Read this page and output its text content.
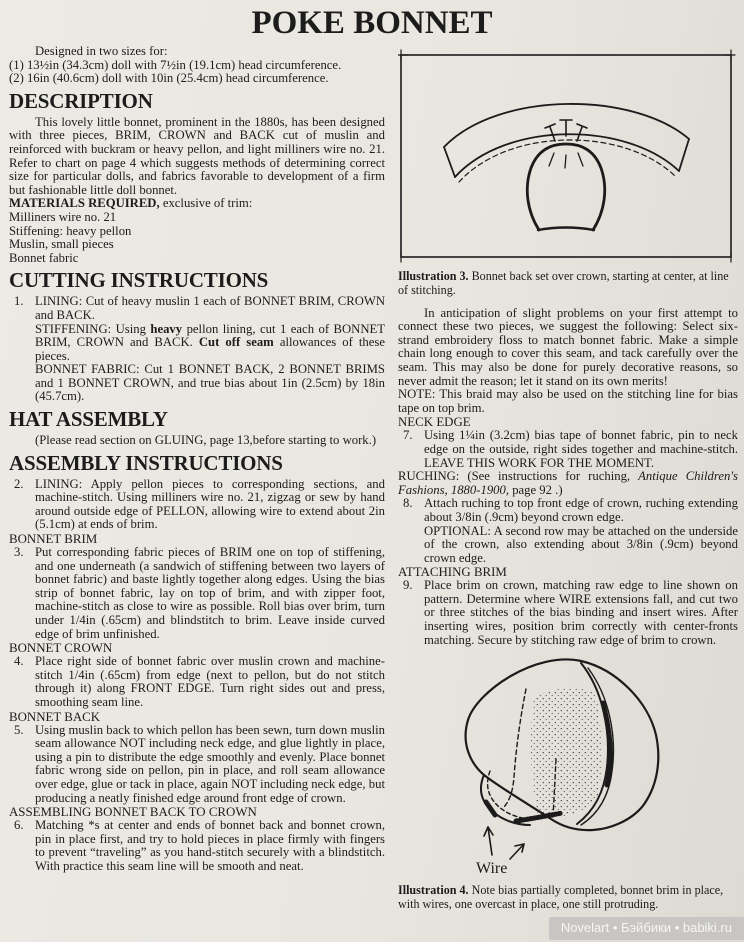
POKE BONNET

Designed in two sizes for:

(1) 13½in (34.3cm) doll with 7½in (19.1cm) head circumference.

(2) 16in (40.6cm) doll with 10in (25.4cm) head circumference.

DESCRIPTION

This lovely little bonnet, prominent in the 1880s, has been designed with three pieces, BRIM, CROWN and BACK cut of muslin and reinforced with buckram or heavy pellon, and light milliners wire no. 21. Refer to chart on page 4 which suggests methods of determining correct size for particular dolls, and fabrics favorable to development of a firm but fashionable little doll bonnet.

MATERIALS REQUIRED, exclusive of trim:

Milliners wire no. 21

Stiffening: heavy pellon

Muslin, small pieces

Bonnet fabric

CUTTING INSTRUCTIONS
1. LINING: Cut of heavy muslin 1 each of BONNET BRIM, CROWN and BACK.

STIFFENING: Using heavy pellon lining, cut 1 each of BONNET BRIM, CROWN and BACK. Cut off seam allowances of these pieces.

BONNET FABRIC: Cut 1 BONNET BACK, 2 BONNET BRIMS and 1 BONNET CROWN, and true bias about 1in (2.5cm) by 18in (45.7cm).

HAT ASSEMBLY

(Please read section on GLUING, page 13,before starting to work.)

ASSEMBLY INSTRUCTIONS
2. LINING: Apply pellon pieces to corresponding sections, and machine-stitch. Using milliners wire no. 21, zigzag or sew by hand around outside edge of PELLON, allowing wire to extend about 2in (5.1cm) at ends of brim.

BONNET BRIM

3. Put corresponding fabric pieces of BRIM one on top of stiffening, and one underneath (a sandwich of stiffening between two layers of bonnet fabric) and baste lightly together along edges. Using the bias strip of bonnet fabric, lay on top of brim, and with zipper foot, machine-stitch as close to wire as possible. Roll bias over brim, turn under 1/4in (.65cm) and blindstitch to brim. Leave inside curved edge of brim unfinished.

BONNET CROWN

4. Place right side of bonnet fabric over muslin crown and machine-stitch 1/4in (.65cm) from edge (next to pellon, but do not stitch through it) along FRONT EDGE. Turn right sides out and press, smoothing seam line.

BONNET BACK

5. Using muslin back to which pellon has been sewn, turn down muslin seam allowance NOT including neck edge, and glue lightly in place, using a pin to distribute the edge smoothly and evenly. Place bonnet fabric wrong side on pellon, pin in place, and roll seam allowance over edge, glue or tack in place, again NOT including neck edge, but producing a neatly finished edge around front edge of crown.

ASSEMBLING BONNET BACK TO CROWN

6. Matching *s at center and ends of bonnet back and bonnet crown, pin in place first, and try to hold pieces in place firmly with fingers to prevent “traveling” as you hand-stitch securely with a blindstitch. With practice this seam line will be smooth and neat.

Illustration 3. Bonnet back set over crown, starting at center, at line of stitching.

In anticipation of slight problems on your first attempt to connect these two pieces, we suggest the following: Select six-strand embroidery floss to match bonnet fabric. Make a simple chain long enough to cover this seam, and tack carefully over the seam. This may also be done for purely decorative reasons, so never admit the reason; let it stand on its own merits!

NOTE: This braid may also be used on the stitching line for bias tape on top brim.

NECK EDGE

7. Using 1¼in (3.2cm) bias tape of bonnet fabric, pin to neck edge on the outside, right sides together and machine-stitch. LEAVE THIS WORK FOR THE MOMENT.

RUCHING: (See instructions for ruching, Antique Children's Fashions, 1880-1900, page 92 .)

8. Attach ruching to top front edge of crown, ruching extending about 3/8in (.9cm) beyond crown edge.

OPTIONAL: A second row may be attached on the underside of the crown, also extending about 3/8in (.9cm) beyond crown edge.

ATTACHING BRIM

9. Place brim on crown, matching raw edge to line shown on pattern. Determine where WIRE extensions fall, and cut two or three stitches of the bias binding and insert wires. After inserting wires, position brim correctly with center-fronts matching. Secure by stitching raw edge of brim to crown.

Wire

Illustration 4. Note bias partially completed, bonnet brim in place, with wires, one overcast in place, one still protruding.

Novelart • Бэйбики • babiki.ru
